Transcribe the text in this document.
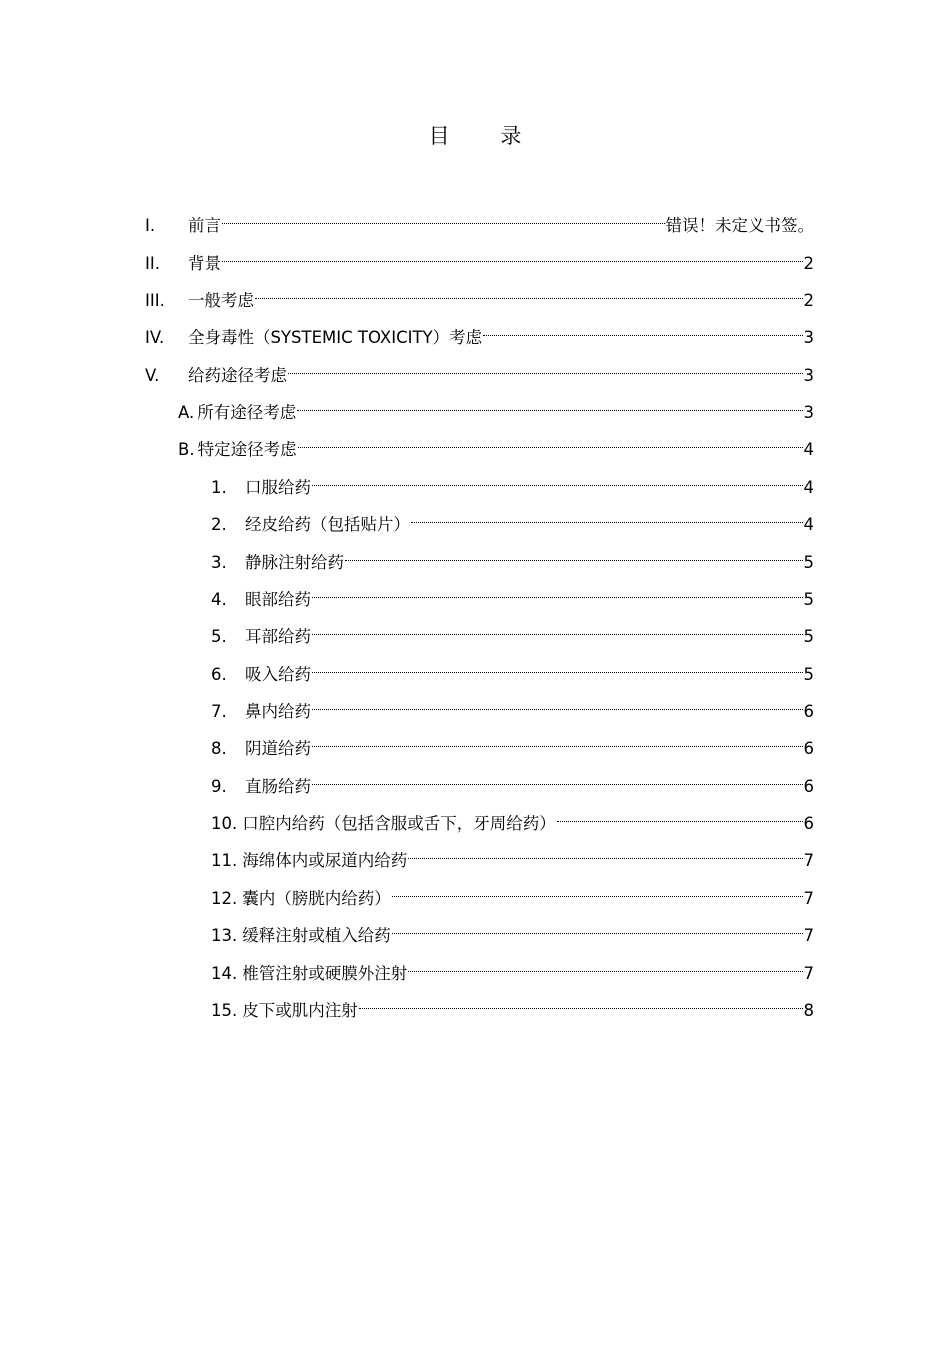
目 录
I.	前言	错误！未定义书签。
II.	背景	2
III.	一般考虑	2
IV.	全身毒性（SYSTEMIC TOXICITY）考虑	3
V.	给药途径考虑	3
A. 所有途径考虑	3
B. 特定途径考虑	4
1.	口服给药	4
2.	经皮给药（包括贴片）	4
3.	静脉注射给药	5
4.	眼部给药	5
5.	耳部给药	5
6.	吸入给药	5
7.	鼻内给药	6
8.	阴道给药	6
9.	直肠给药	6
10. 口腔内给药（包括含服或舌下，牙周给药）	6
11. 海绵体内或尿道内给药	7
12. 囊内（膀胱内给药）	7
13. 缓释注射或植入给药	7
14. 椎管注射或硬膜外注射	7
15. 皮下或肌内注射	8
